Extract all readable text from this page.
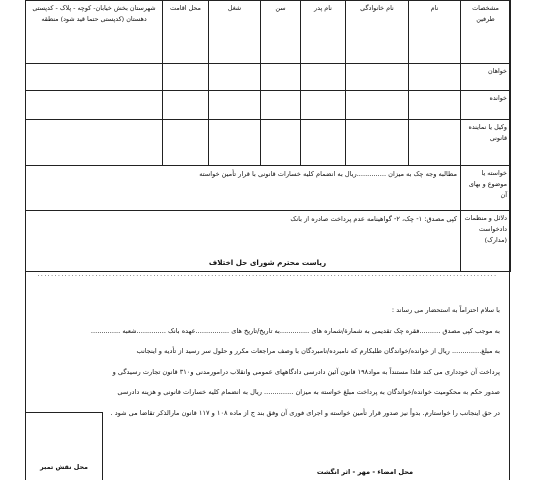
مشخصات طرفین	نام	نام خانوادگی	نام پدر	سن	شغل	محل اقامت	شهرستان بخش خیابان- کوچه - پلاک - کدپستی دهستان (کدپستی حتما قید شود) منطقه
خواهان							
خوانده							
وکیل یا نماینده قانونی							
خواسته یا موضوع و بهای آن	مطالبه وجه چک به میزان ..............ریال به انضمام کلیه خسارات قانونی با قرار تأمین خواسته						
دلائل و منظمات دادخواست (مدارک)	کپی مصدق: ۱- چک، ۲- گواهینامه عدم پرداخت صادره از بانک						
ریاست محترم شورای حل اختلاف
.......................................................................................................................................

با سلام احتراماً به استحضار می رساند :

به موجب کپی مصدق ..........فقره چک تقدیمی به شمارة/شماره های ..............به تاریخ/تاریخ های ................عهده بانک ..............شعبه ..............

به مبلغ.............. ریال از خوانده/خواندگان طلبکارم که نامبرده/نامبردگان با وصف مراجعات مکرر و حلول سر رسید از تأدیه و اینجانب

پرداخت آن خودداری می کند فلذا مستنداً به مواد۱۹۸ قانون آئین دادرسی دادگاههای عمومی وانقلاب درامورمدنی و۳۱۰ قانون تجارت رسیدگی و

صدور حکم به محکومیت خوانده/خواندگان به پرداخت مبلغ خواسته به میزان .............. ریال به انضمام کلیه خسارات قانونی و هزینه دادرسی

در حق اینجانب را خواستارم. بدواً نیز صدور قرار تأمین خواسته و اجرای فوری آن وفق بند ج از ماده ۱۰۸ و ۱۱۷ قانون مارالذکر تقاضا می شود .

محل نقش تمبر
محل امضاء - مهر - اثر انگشت
